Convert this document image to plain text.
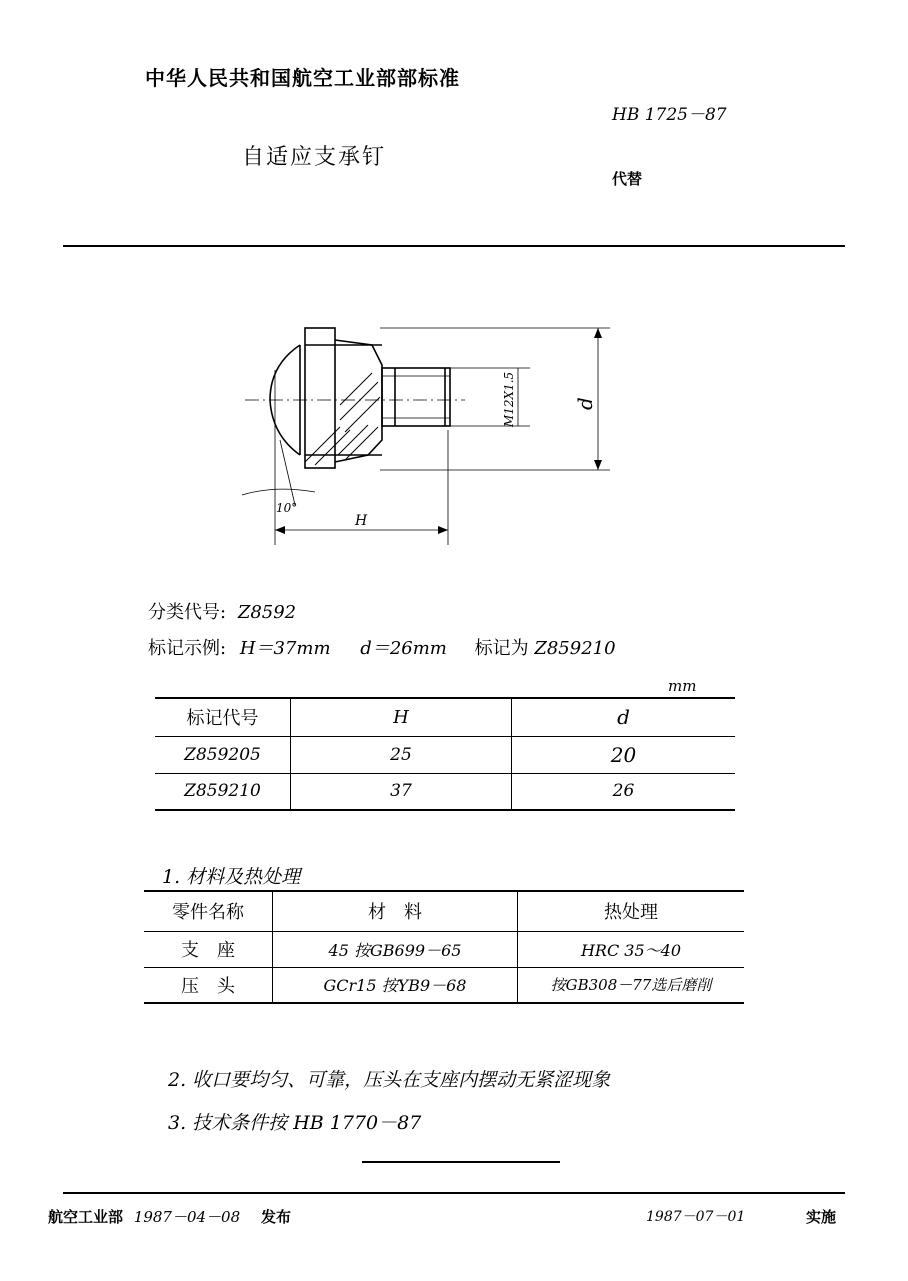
中华人民共和国航空工业部部标准
HB 1725－87
自适应支承钉
代替
M12X1.5	d
H
10°
分类代号: Z8592
标记示例: H＝37mm d＝26mm 标记为 Z859210
mm
标记代号	H	d
Z859205	25	20
Z859210	37	26
1. 材料及热处理
零件名称	材　料	热处理
支　座	45 按GB699－65	HRC 35～40
压　头	GCr15 按YB9－68	按GB308－77选后磨削
2. 收口要均匀、可靠，压头在支座内摆动无紧涩现象
3. 技术条件按 HB 1770－87
航空工业部 1987－04－08 发布	1987－07－01	实施
